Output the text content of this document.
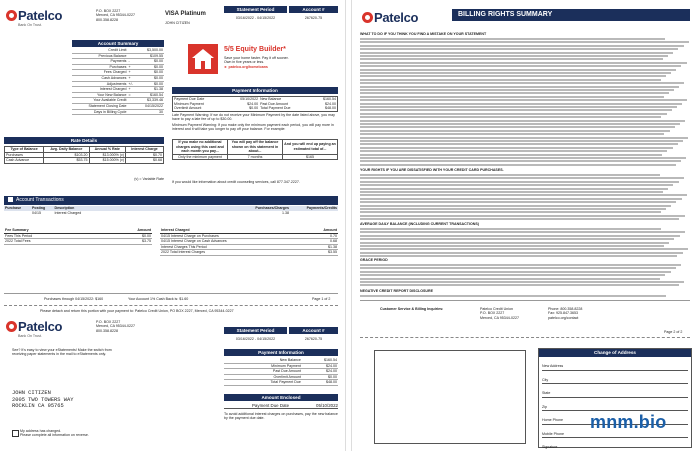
Patelco
Bank On Trust.
P.O. BOX 2227
Merced, CA 95344-0227
800.358.8228
VISA Platinum
JOHN CITIZEN
Statement Period	Account #
03/16/2022 - 04/15/2022	267620-75
Account Summary
Credit Limit		$3,500.00
Previous Balance		$109.55
Payments	-	$0.00
Purchases	+	$0.00
Fees Charged	+	$0.00
Cash Advances	+	$0.00
Adjustments	+/-	$0.00
Interest Charged	+	$1.38
Your New Balance	=	$160.54
Your Available Credit		$3,339.46
Statement Closing Date		04/15/2022
Days in Billing Cycle		30
5/5 Equity Builder*
Save your home faster. Pay it off sooner.
Own in five years or less.
► patelco.org/homeloans
Payment Information
Payment Due Date	05/10/2022	New Balance	$160.54
Minimum Payment	$24.00	Past Due Amount	$24.00
Overlimit Amount	$0.00	Total Payment Due	$48.00
Late Payment Warning: If we do not receive your Minimum Payment by the date listed above, you may have to pay a late fee of up to $30.00.
Minimum Payment Warning: If you make only the minimum payment each period, you will pay more in interest and it will take you longer to pay off your balance. For example:
If you make no additional charges using this card and each month you pay...	You will pay off the balance shown on this statement in about...	And you will end up paying an estimated total of...
Only the minimum payment	7 months	$165
If you would like information about credit counseling services, call 877.347.2227.
Rate Details
Type of Balance	Avg. Daily Balance	Annual % Rate	Interest Charge
Purchases	$103.20	$13.000% (v)	$0.70
Cash Advance	$53.75	$15.000% (v)	$0.68
(v) = Variable Rate
Account Transactions
Purchase	Posting	Description	Purchases/Charges	Payments/Credits
	04/15	Interest Charged	1.38	
Fee Summary	Amount
Fees This Period	$0.00
2022 Total Fees	$3.75
Interest Charged	Amount
04/15 Interest Charge on Purchases	0.70
04/15 Interest Charge on Cash Advances	0.68
Interest Charges This Period	$1.38
2022 Total Interest Charges	$3.55
Purchases through 04/15/2022: $160	Your Account 1% Cash Back is: $1.60	Page 1 of 2
Please detach and return this portion with your payment to: Patelco Credit Union, PO BOX 2227, Merced, CA 95344-0227
Patelco
Bank On Trust.
P.O. BOX 2227
Merced, CA 95344-0227
800.358.8228
See? It's easy to view your eStatements! Make the switch from receiving paper statements in the mail to eStatements only.
Statement Period	Account #
03/16/2022 - 04/15/2022	267620-75
Payment Information
New Balance	$160.54
Minimum Payment	$24.00
Past Due Amount	$24.00
Overlimit Amount	$0.00
Total Payment Due	$48.00
Amount Enclosed
Payment Due Date	05/10/2022
To avoid additional interest charges on purchases, pay the new balance by the payment due date.
JOHN CITIZEN
2005 TWO TOWERS WAY
ROCKLIN CA 95765
My address has changed.
Please complete all information on reverse.
Patelco	BILLING RIGHTS SUMMARY
WHAT TO DO IF YOU THINK YOU FIND A MISTAKE ON YOUR STATEMENT
YOUR RIGHTS IF YOU ARE DISSATISFIED WITH YOUR CREDIT CARD PURCHASES.
AVERAGE DAILY BALANCE (INCLUDING CURRENT TRANSACTIONS)
GRACE PERIOD
NEGATIVE CREDIT REPORT DISCLOSURE
Customer Service & Billing Inquiries:	Patelco Credit Union
P.O. BOX 2227
Merced, CA 95344-0227
Phone: 800.358.8228
Fax: 925.847.3653
patelco.org/contact
Page 2 of 2
Change of Address
New Address
City
State
Zip
Home Phone
Mobile Phone
Signature
mnm.bio
